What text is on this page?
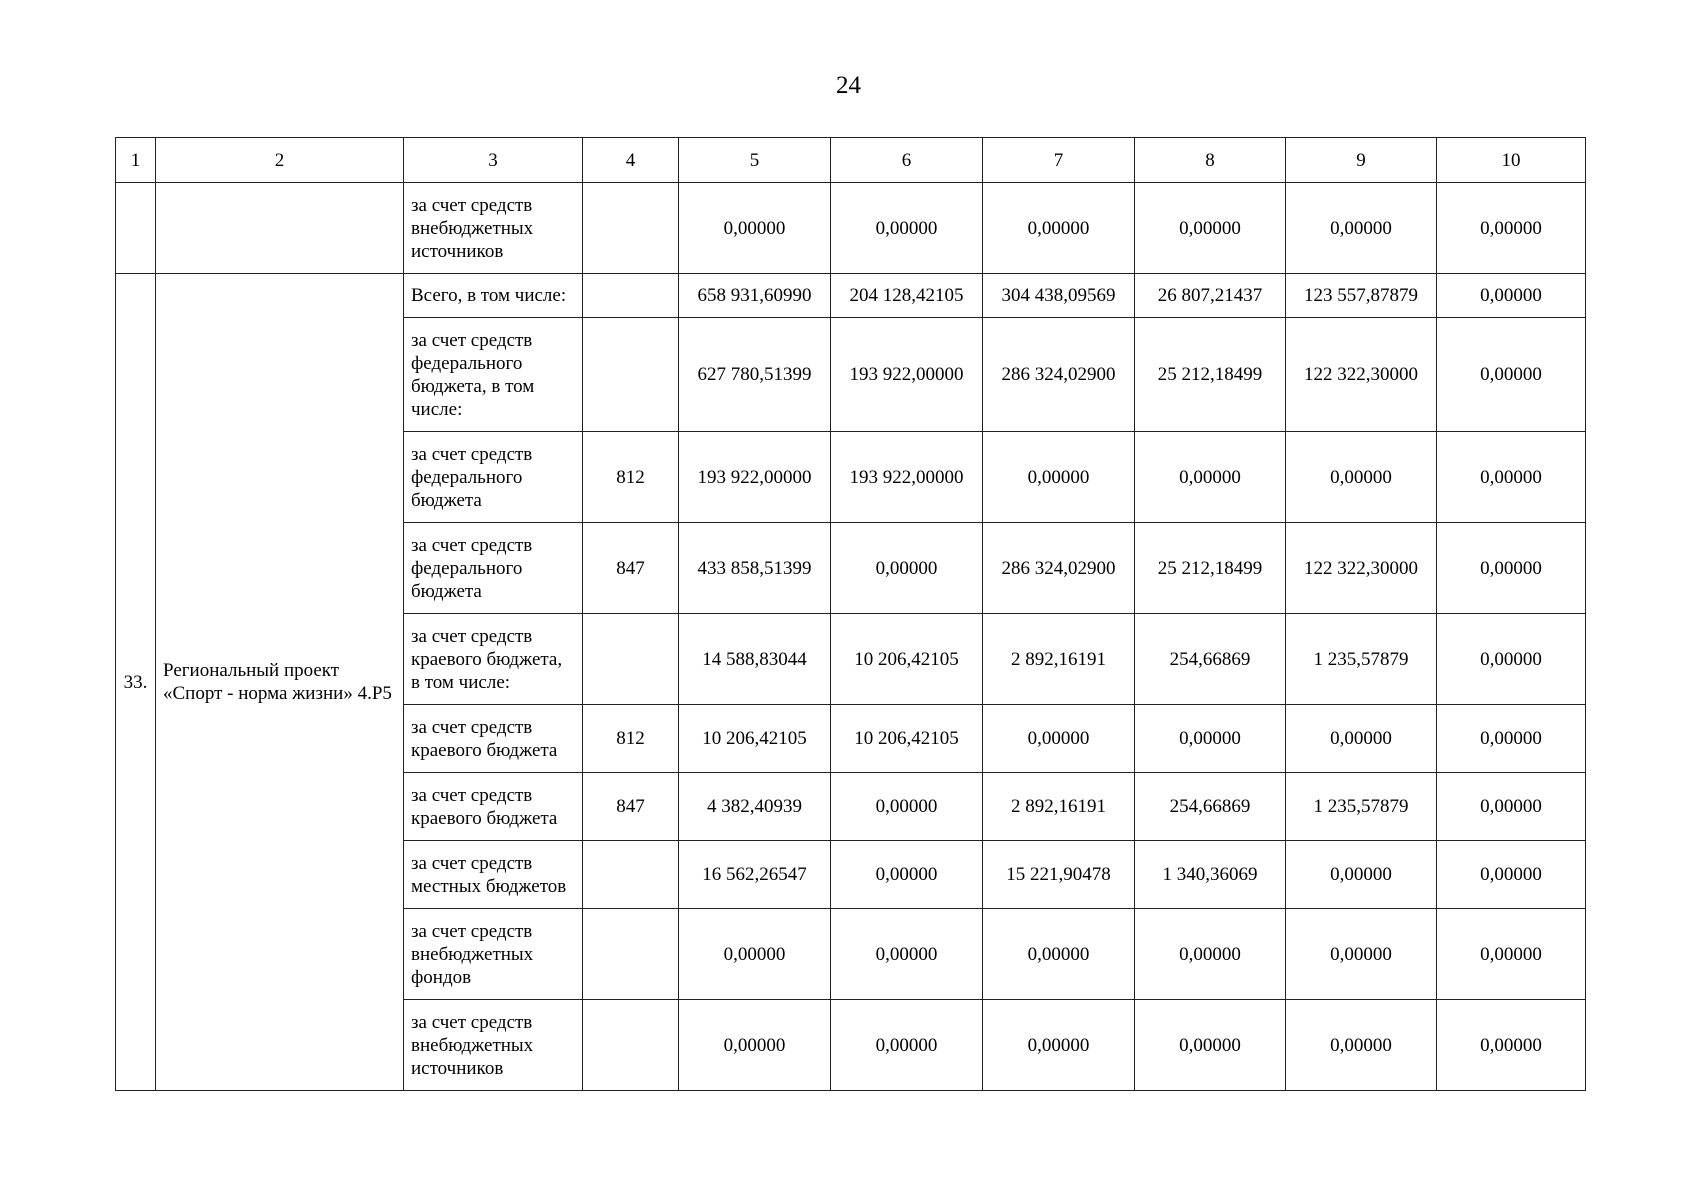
24
1	2	3	4	5	6	7	8	9	10
		за счет средств внебюджетных источников		0,00000	0,00000	0,00000	0,00000	0,00000	0,00000
33.	Региональный проект «Спорт - норма жизни» 4.Р5	Всего, в том числе:		658 931,60990	204 128,42105	304 438,09569	26 807,21437	123 557,87879	0,00000
		за счет средств федерального бюджета, в том числе:		627 780,51399	193 922,00000	286 324,02900	25 212,18499	122 322,30000	0,00000
		за счет средств федерального бюджета	812	193 922,00000	193 922,00000	0,00000	0,00000	0,00000	0,00000
		за счет средств федерального бюджета	847	433 858,51399	0,00000	286 324,02900	25 212,18499	122 322,30000	0,00000
		за счет средств краевого бюджета, в том числе:		14 588,83044	10 206,42105	2 892,16191	254,66869	1 235,57879	0,00000
		за счет средств краевого бюджета	812	10 206,42105	10 206,42105	0,00000	0,00000	0,00000	0,00000
		за счет средств краевого бюджета	847	4 382,40939	0,00000	2 892,16191	254,66869	1 235,57879	0,00000
		за счет средств местных бюджетов		16 562,26547	0,00000	15 221,90478	1 340,36069	0,00000	0,00000
		за счет средств внебюджетных фондов		0,00000	0,00000	0,00000	0,00000	0,00000	0,00000
		за счет средств внебюджетных источников		0,00000	0,00000	0,00000	0,00000	0,00000	0,00000
